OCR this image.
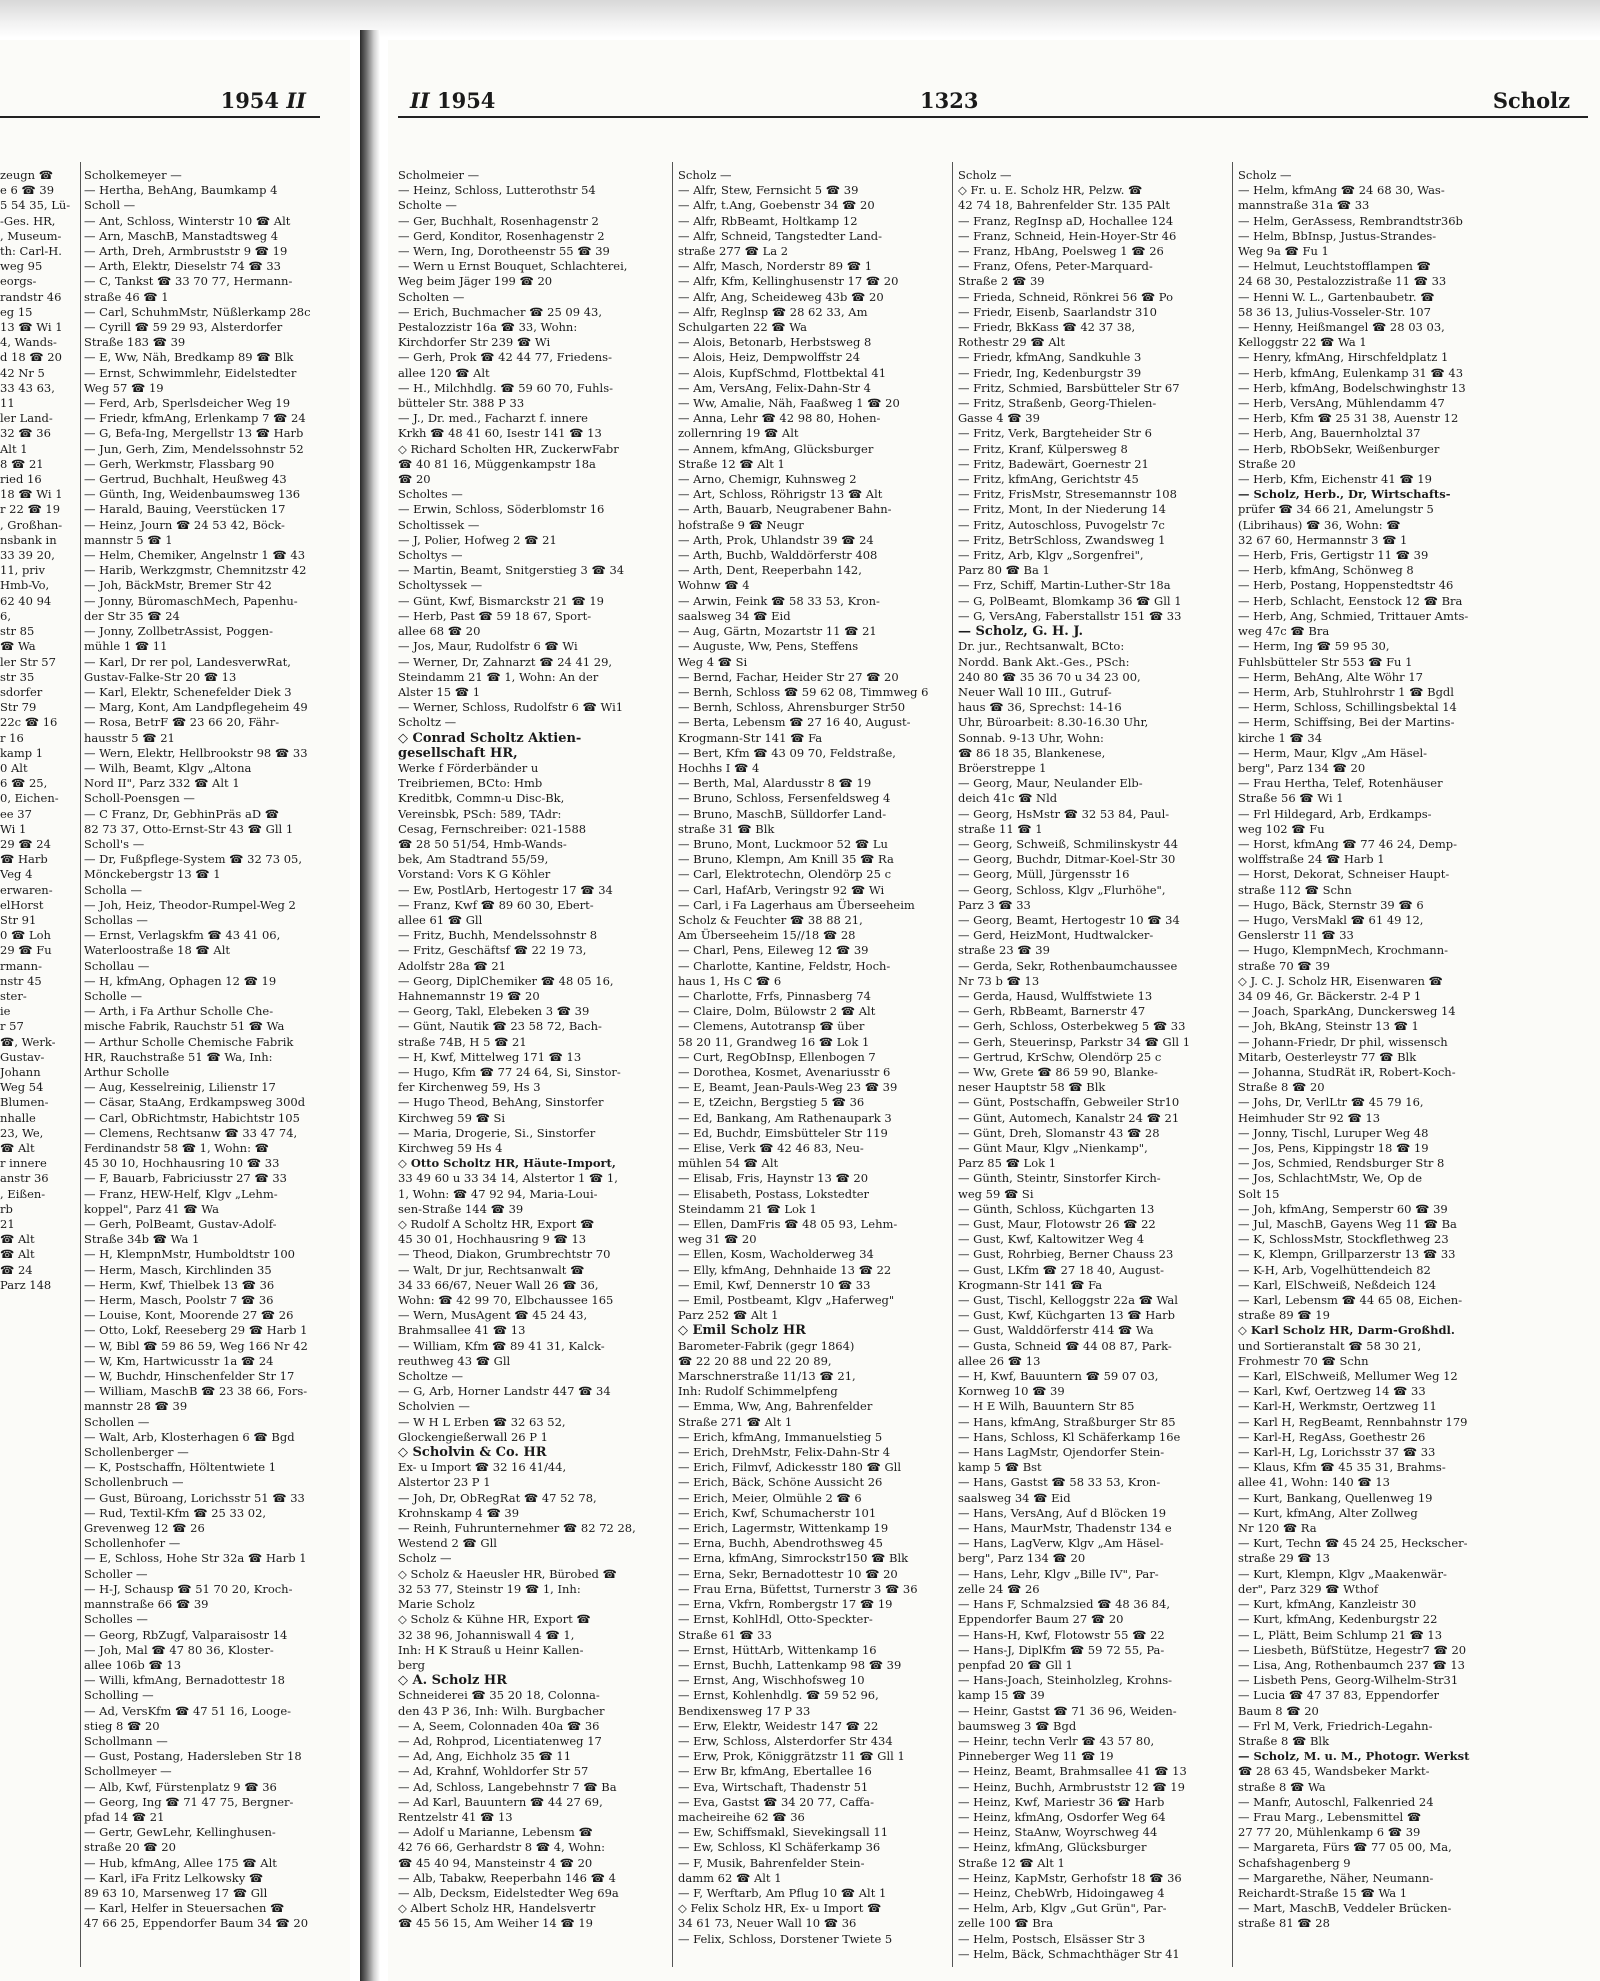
1954 II
zeugn ☎
e 6 ☎ 39
5 54 35, Lü-
-Ges. HR,
, Museum-
th: Carl-H.
weg 95
eorgs-
randstr 46
eg 15
13 ☎ Wi 1
4, Wands-
d 18 ☎ 20
42 Nr 5
33 43 63,
11
ler Land-
32 ☎ 36
Alt 1
8 ☎ 21
ried 16
18 ☎ Wi 1
r 22 ☎ 19
, Großhan-
nsbank in
33 39 20,
11, priv
Hmb-Vo,
62 40 94
6,
str 85
☎ Wa
ler Str 57
str 35
sdorfer
Str 79
22c ☎ 16
r 16
kamp 1
0 Alt
6 ☎ 25,
0, Eichen-
ee 37
Wi 1
29 ☎ 24
☎ Harb
Veg 4
erwaren-
elHorst
Str 91
0 ☎ Loh
29 ☎ Fu
rmann-
nstr 45
ster-
ie
r 57
☎, Werk-
Gustav-
Johann
Weg 54
Blumen-
nhalle
23, We,
☎ Alt
r innere
anstr 36
, Eißen-
rb
21
☎ Alt
☎ Alt
☎ 24
Parz 148
Scholkemeyer —
— Hertha, BehAng, Baumkamp 4
Scholl —
— Ant, Schloss, Winterstr 10 ☎ Alt
— Arn, MaschB, Manstadtsweg 4
— Arth, Dreh, Armbruststr 9 ☎ 19
— Arth, Elektr, Dieselstr 74 ☎ 33
— C, Tankst ☎ 33 70 77, Hermann-
straße 46 ☎ 1
— Carl, SchuhmMstr, Nüßlerkamp 28c
— Cyrill ☎ 59 29 93, Alsterdorfer
Straße 183 ☎ 39
— E, Ww, Näh, Bredkamp 89 ☎ Blk
— Ernst, Schwimmlehr, Eidelstedter
Weg 57 ☎ 19
— Ferd, Arb, Sperlsdeicher Weg 19
— Friedr, kfmAng, Erlenkamp 7 ☎ 24
— G, Befa-Ing, Mergellstr 13 ☎ Harb
— Jun, Gerh, Zim, Mendelssohnstr 52
— Gerh, Werkmstr, Flassbarg 90
— Gertrud, Buchhalt, Heußweg 43
— Günth, Ing, Weidenbaumsweg 136
— Harald, Bauing, Veerstücken 17
— Heinz, Journ ☎ 24 53 42, Böck-
mannstr 5 ☎ 1
— Helm, Chemiker, Angelnstr 1 ☎ 43
— Harib, Werkzgmstr, Chemnitzstr 42
— Joh, BäckMstr, Bremer Str 42
— Jonny, BüromaschMech, Papenhu-
der Str 35 ☎ 24
— Jonny, ZollbetrAssist, Poggen-
mühle 1 ☎ 11
— Karl, Dr rer pol, LandesverwRat,
Gustav-Falke-Str 20 ☎ 13
— Karl, Elektr, Schenefelder Diek 3
— Marg, Kont, Am Landpflegeheim 49
— Rosa, BetrF ☎ 23 66 20, Fähr-
hausstr 5 ☎ 21
— Wern, Elektr, Hellbrookstr 98 ☎ 33
— Wilh, Beamt, Klgv „Altona
Nord II", Parz 332 ☎ Alt 1
Scholl-Poensgen —
— C Franz, Dr, GebhinPräs aD ☎
82 73 37, Otto-Ernst-Str 43 ☎ Gll 1
Scholl's —
— Dr, Fußpflege-System ☎ 32 73 05,
Mönckebergstr 13 ☎ 1
Scholla —
— Joh, Heiz, Theodor-Rumpel-Weg 2
Schollas —
— Ernst, Verlagskfm ☎ 43 41 06,
Waterloostraße 18 ☎ Alt
Schollau —
— H, kfmAng, Ophagen 12 ☎ 19
Scholle —
— Arth, i Fa Arthur Scholle Che-
mische Fabrik, Rauchstr 51 ☎ Wa
— Arthur Scholle Chemische Fabrik
HR, Rauchstraße 51 ☎ Wa, Inh:
Arthur Scholle
— Aug, Kesselreinig, Lilienstr 17
— Cäsar, StaAng, Erdkampsweg 300d
— Carl, ObRichtmstr, Habichtstr 105
— Clemens, Rechtsanw ☎ 33 47 74,
Ferdinandstr 58 ☎ 1, Wohn: ☎
45 30 10, Hochhausring 10 ☎ 33
— F, Bauarb, Fabriciusstr 27 ☎ 33
— Franz, HEW-Helf, Klgv „Lehm-
koppel", Parz 41 ☎ Wa
— Gerh, PolBeamt, Gustav-Adolf-
Straße 34b ☎ Wa 1
— H, KlempnMstr, Humboldtstr 100
— Herm, Masch, Kirchlinden 35
— Herm, Kwf, Thielbek 13 ☎ 36
— Herm, Masch, Poolstr 7 ☎ 36
— Louise, Kont, Moorende 27 ☎ 26
— Otto, Lokf, Reeseberg 29 ☎ Harb 1
— W, Bibl ☎ 59 86 59, Weg 166 Nr 42
— W, Km, Hartwicusstr 1a ☎ 24
— W, Buchdr, Hinschenfelder Str 17
— William, MaschB ☎ 23 38 66, Fors-
mannstr 28 ☎ 39
Schollen —
— Walt, Arb, Klosterhagen 6 ☎ Bgd
Schollenberger —
— K, Postschaffn, Höltentwiete 1
Schollenbruch —
— Gust, Büroang, Lorichsstr 51 ☎ 33
— Rud, Textil-Kfm ☎ 25 33 02,
Grevenweg 12 ☎ 26
Schollenhofer —
— E, Schloss, Hohe Str 32a ☎ Harb 1
Scholler —
— H-J, Schausp ☎ 51 70 20, Kroch-
mannstraße 66 ☎ 39
Scholles —
— Georg, RbZugf, Valparaisostr 14
— Joh, Mal ☎ 47 80 36, Kloster-
allee 106b ☎ 13
— Willi, kfmAng, Bernadottestr 18
Scholling —
— Ad, VersKfm ☎ 47 51 16, Looge-
stieg 8 ☎ 20
Schollmann —
— Gust, Postang, Hadersleben Str 18
Schollmeyer —
— Alb, Kwf, Fürstenplatz 9 ☎ 36
— Georg, Ing ☎ 71 47 75, Bergner-
pfad 14 ☎ 21
— Gertr, GewLehr, Kellinghusen-
straße 20 ☎ 20
— Hub, kfmAng, Allee 175 ☎ Alt
— Karl, iFa Fritz Lelkowsky ☎
89 63 10, Marsenweg 17 ☎ Gll
— Karl, Helfer in Steuersachen ☎
47 66 25, Eppendorfer Baum 34 ☎ 20
II 1954	1323	Scholz
Scholmeier —
— Heinz, Schloss, Lutterothstr 54
Scholte —
— Ger, Buchhalt, Rosenhagenstr 2
— Gerd, Konditor, Rosenhagenstr 2
— Wern, Ing, Dorotheenstr 55 ☎ 39
— Wern u Ernst Bouquet, Schlachterei,
Weg beim Jäger 199 ☎ 20
Scholten —
— Erich, Buchmacher ☎ 25 09 43,
Pestalozzistr 16a ☎ 33, Wohn:
Kirchdorfer Str 239 ☎ Wi
— Gerh, Prok ☎ 42 44 77, Friedens-
allee 120 ☎ Alt
— H., Milchhdlg. ☎ 59 60 70, Fuhls-
bütteler Str. 388 P 33
— J., Dr. med., Facharzt f. innere
Krkh ☎ 48 41 60, Isestr 141 ☎ 13
◇ Richard Scholten HR, ZuckerwFabr
☎ 40 81 16, Müggenkampstr 18a
☎ 20
Scholtes —
— Erwin, Schloss, Söderblomstr 16
Scholtissek —
— J, Polier, Hofweg 2 ☎ 21
Scholtys —
— Martin, Beamt, Snitgerstieg 3 ☎ 34
Scholtyssek —
— Günt, Kwf, Bismarckstr 21 ☎ 19
— Herb, Past ☎ 59 18 67, Sport-
allee 68 ☎ 20
— Jos, Maur, Rudolfstr 6 ☎ Wi
— Werner, Dr, Zahnarzt ☎ 24 41 29,
Steindamm 21 ☎ 1, Wohn: An der
Alster 15 ☎ 1
— Werner, Schloss, Rudolfstr 6 ☎ Wi1
Scholtz —
◇ Conrad Scholtz Aktien-
gesellschaft HR,
Werke f Förderbänder u
Treibriemen, BCto: Hmb
Kreditbk, Commn-u Disc-Bk,
Vereinsbk, PSch: 589, TAdr:
Cesag, Fernschreiber: 021-1588
☎ 28 50 51/54, Hmb-Wands-
bek, Am Stadtrand 55/59,
Vorstand: Vors K G Köhler
— Ew, PostlArb, Hertogestr 17 ☎ 34
— Franz, Kwf ☎ 89 60 30, Ebert-
allee 61 ☎ Gll
— Fritz, Buchh, Mendelssohnstr 8
— Fritz, Geschäftsf ☎ 22 19 73,
Adolfstr 28a ☎ 21
— Georg, DiplChemiker ☎ 48 05 16,
Hahnemannstr 19 ☎ 20
— Georg, Takl, Elebeken 3 ☎ 39
— Günt, Nautik ☎ 23 58 72, Bach-
straße 74B, H 5 ☎ 21
— H, Kwf, Mittelweg 171 ☎ 13
— Hugo, Kfm ☎ 77 24 64, Si, Sinstor-
fer Kirchenweg 59, Hs 3
— Hugo Theod, BehAng, Sinstorfer
Kirchweg 59 ☎ Si
— Maria, Drogerie, Si., Sinstorfer
Kirchweg 59 Hs 4
◇ Otto Scholtz HR, Häute-Import,
33 49 60 u 33 34 14, Alstertor 1 ☎ 1,
1, Wohn: ☎ 47 92 94, Maria-Loui-
sen-Straße 144 ☎ 39
◇ Rudolf A Scholtz HR, Export ☎
45 30 01, Hochhausring 9 ☎ 13
— Theod, Diakon, Grumbrechtstr 70
— Walt, Dr jur, Rechtsanwalt ☎
34 33 66/67, Neuer Wall 26 ☎ 36,
Wohn: ☎ 42 99 70, Elbchaussee 165
— Wern, MusAgent ☎ 45 24 43,
Brahmsallee 41 ☎ 13
— William, Kfm ☎ 89 41 31, Kalck-
reuthweg 43 ☎ Gll
Scholtze —
— G, Arb, Horner Landstr 447 ☎ 34
Scholvien —
— W H L Erben ☎ 32 63 52,
Glockengießerwall 26 P 1
◇ Scholvin & Co. HR
Ex- u Import ☎ 32 16 41/44,
Alstertor 23 P 1
— Joh, Dr, ObRegRat ☎ 47 52 78,
Krohnskamp 4 ☎ 39
— Reinh, Fuhrunternehmer ☎ 82 72 28,
Westend 2 ☎ Gll
Scholz —
◇ Scholz & Haeusler HR, Bürobed ☎
32 53 77, Steinstr 19 ☎ 1, Inh:
Marie Scholz
◇ Scholz & Kühne HR, Export ☎
32 38 96, Johanniswall 4 ☎ 1,
Inh: H K Strauß u Heinr Kallen-
berg
◇ A. Scholz HR
Schneiderei ☎ 35 20 18, Colonna-
den 43 P 36, Inh: Wilh. Burgbacher
— A, Seem, Colonnaden 40a ☎ 36
— Ad, Rohprod, Licentiatenweg 17
— Ad, Ang, Eichholz 35 ☎ 11
— Ad, Krahnf, Wohldorfer Str 57
— Ad, Schloss, Langebehnstr 7 ☎ Ba
— Ad Karl, Bauuntern ☎ 44 27 69,
Rentzelstr 41 ☎ 13
— Adolf u Marianne, Lebensm ☎
42 76 66, Gerhardstr 8 ☎ 4, Wohn:
☎ 45 40 94, Mansteinstr 4 ☎ 20
— Alb, Tabakw, Reeperbahn 146 ☎ 4
— Alb, Decksm, Eidelstedter Weg 69a
◇ Albert Scholz HR, Handelsvertr
☎ 45 56 15, Am Weiher 14 ☎ 19
Scholz —
— Alfr, Stew, Fernsicht 5 ☎ 39
— Alfr, t.Ang, Goebenstr 34 ☎ 20
— Alfr, RbBeamt, Holtkamp 12
— Alfr, Schneid, Tangstedter Land-
straße 277 ☎ La 2
— Alfr, Masch, Norderstr 89 ☎ 1
— Alfr, Kfm, Kellinghusenstr 17 ☎ 20
— Alfr, Ang, Scheideweg 43b ☎ 20
— Alfr, Reglnsp ☎ 28 62 33, Am
Schulgarten 22 ☎ Wa
— Alois, Betonarb, Herbstsweg 8
— Alois, Heiz, Dempwolffstr 24
— Alois, KupfSchmd, Flottbektal 41
— Am, VersAng, Felix-Dahn-Str 4
— Ww, Amalie, Näh, Faaßweg 1 ☎ 20
— Anna, Lehr ☎ 42 98 80, Hohen-
zollernring 19 ☎ Alt
— Annem, kfmAng, Glücksburger
Straße 12 ☎ Alt 1
— Arno, Chemigr, Kuhnsweg 2
— Art, Schloss, Röhrigstr 13 ☎ Alt
— Arth, Bauarb, Neugrabener Bahn-
hofstraße 9 ☎ Neugr
— Arth, Prok, Uhlandstr 39 ☎ 24
— Arth, Buchb, Walddörferstr 408
— Arth, Dent, Reeperbahn 142,
Wohnw ☎ 4
— Arwin, Feink ☎ 58 33 53, Kron-
saalsweg 34 ☎ Eid
— Aug, Gärtn, Mozartstr 11 ☎ 21
— Auguste, Ww, Pens, Steffens
Weg 4 ☎ Si
— Bernd, Fachar, Heider Str 27 ☎ 20
— Bernh, Schloss ☎ 59 62 08, Timmweg 6
— Bernh, Schloss, Ahrensburger Str50
— Berta, Lebensm ☎ 27 16 40, August-
Krogmann-Str 141 ☎ Fa
— Bert, Kfm ☎ 43 09 70, Feldstraße,
Hochhs I ☎ 4
— Berth, Mal, Alardusstr 8 ☎ 19
— Bruno, Schloss, Fersenfeldsweg 4
— Bruno, MaschB, Sülldorfer Land-
straße 31 ☎ Blk
— Bruno, Mont, Luckmoor 52 ☎ Lu
— Bruno, Klempn, Am Knill 35 ☎ Ra
— Carl, Elektrotechn, Olendörp 25 c
— Carl, HafArb, Veringstr 92 ☎ Wi
— Carl, i Fa Lagerhaus am Überseeheim
Scholz & Feuchter ☎ 38 88 21,
Am Überseeheim 15//18 ☎ 28
— Charl, Pens, Eileweg 12 ☎ 39
— Charlotte, Kantine, Feldstr, Hoch-
haus 1, Hs C ☎ 6
— Charlotte, Frfs, Pinnasberg 74
— Claire, Dolm, Bülowstr 2 ☎ Alt
— Clemens, Autotransp ☎ über
58 20 11, Grandweg 16 ☎ Lok 1
— Curt, RegObInsp, Ellenbogen 7
— Dorothea, Kosmet, Avenariusstr 6
— E, Beamt, Jean-Pauls-Weg 23 ☎ 39
— E, tZeichn, Bergstieg 5 ☎ 36
— Ed, Bankang, Am Rathenaupark 3
— Ed, Buchdr, Eimsbütteler Str 119
— Elise, Verk ☎ 42 46 83, Neu-
mühlen 54 ☎ Alt
— Elisab, Fris, Haynstr 13 ☎ 20
— Elisabeth, Postass, Lokstedter
Steindamm 21 ☎ Lok 1
— Ellen, DamFris ☎ 48 05 93, Lehm-
weg 31 ☎ 20
— Ellen, Kosm, Wacholderweg 34
— Elly, kfmAng, Dehnhaide 13 ☎ 22
— Emil, Kwf, Dennerstr 10 ☎ 33
— Emil, Postbeamt, Klgv „Haferweg"
Parz 252 ☎ Alt 1
◇ Emil Scholz HR
Barometer-Fabrik (gegr 1864)
☎ 22 20 88 und 22 20 89,
Marschnerstraße 11/13 ☎ 21,
Inh: Rudolf Schimmelpfeng
— Emma, Ww, Ang, Bahrenfelder
Straße 271 ☎ Alt 1
— Erich, kfmAng, Immanuelstieg 5
— Erich, DrehMstr, Felix-Dahn-Str 4
— Erich, Filmvf, Adickesstr 180 ☎ Gll
— Erich, Bäck, Schöne Aussicht 26
— Erich, Meier, Olmühle 2 ☎ 6
— Erich, Kwf, Schumacherstr 101
— Erich, Lagermstr, Wittenkamp 19
— Erna, Buchh, Abendrothsweg 45
— Erna, kfmAng, Simrockstr150 ☎ Blk
— Erna, Sekr, Bernadottestr 10 ☎ 20
— Frau Erna, Büfettst, Turnerstr 3 ☎ 36
— Erna, Vkfrn, Rombergstr 17 ☎ 19
— Ernst, KohlHdl, Otto-Speckter-
Straße 61 ☎ 33
— Ernst, HüttArb, Wittenkamp 16
— Ernst, Buchh, Lattenkamp 98 ☎ 39
— Ernst, Ang, Wischhofsweg 10
— Ernst, Kohlenhdlg. ☎ 59 52 96,
Bendixensweg 17 P 33
— Erw, Elektr, Weidestr 147 ☎ 22
— Erw, Schloss, Alsterdorfer Str 434
— Erw, Prok, Königgrätzstr 11 ☎ Gll 1
— Erw Br, kfmAng, Ebertallee 16
— Eva, Wirtschaft, Thadenstr 51
— Eva, Gastst ☎ 34 20 77, Caffa-
macheireihe 62 ☎ 36
— Ew, Schiffsmakl, Sievekingsall 11
— Ew, Schloss, Kl Schäferkamp 36
— F, Musik, Bahrenfelder Stein-
damm 62 ☎ Alt 1
— F, Werftarb, Am Pflug 10 ☎ Alt 1
◇ Felix Scholz HR, Ex- u Import ☎
34 61 73, Neuer Wall 10 ☎ 36
— Felix, Schloss, Dorstener Twiete 5
Scholz —
◇ Fr. u. E. Scholz HR, Pelzw. ☎
42 74 18, Bahrenfelder Str. 135 PAlt
— Franz, RegInsp aD, Hochallee 124
— Franz, Schneid, Hein-Hoyer-Str 46
— Franz, HbAng, Poelsweg 1 ☎ 26
— Franz, Ofens, Peter-Marquard-
Straße 2 ☎ 39
— Frieda, Schneid, Rönkrei 56 ☎ Po
— Friedr, Eisenb, Saarlandstr 310
— Friedr, BkKass ☎ 42 37 38,
Rothestr 29 ☎ Alt
— Friedr, kfmAng, Sandkuhle 3
— Friedr, Ing, Kedenburgstr 39
— Fritz, Schmied, Barsbütteler Str 67
— Fritz, Straßenb, Georg-Thielen-
Gasse 4 ☎ 39
— Fritz, Verk, Bargteheider Str 6
— Fritz, Kranf, Külpersweg 8
— Fritz, Badewärt, Goernestr 21
— Fritz, kfmAng, Gerichtstr 45
— Fritz, FrisMstr, Stresemannstr 108
— Fritz, Mont, In der Niederung 14
— Fritz, Autoschloss, Puvogelstr 7c
— Fritz, BetrSchloss, Zwandsweg 1
— Fritz, Arb, Klgv „Sorgenfrei",
Parz 80 ☎ Ba 1
— Frz, Schiff, Martin-Luther-Str 18a
— G, PolBeamt, Blomkamp 36 ☎ Gll 1
— G, VersAng, Faberstallstr 151 ☎ 33
— Scholz, G. H. J.
Dr. jur., Rechtsanwalt, BCto:
Nordd. Bank Akt.-Ges., PSch:
240 80 ☎ 35 36 70 u 34 23 00,
Neuer Wall 10 III., Gutruf-
haus ☎ 36, Sprechst: 14-16
Uhr, Büroarbeit: 8.30-16.30 Uhr,
Sonnab. 9-13 Uhr, Wohn:
☎ 86 18 35, Blankenese,
Bröerstreppe 1
— Georg, Maur, Neulander Elb-
deich 41c ☎ Nld
— Georg, HsMstr ☎ 32 53 84, Paul-
straße 11 ☎ 1
— Georg, Schweiß, Schmilinskystr 44
— Georg, Buchdr, Ditmar-Koel-Str 30
— Georg, Müll, Jürgensstr 16
— Georg, Schloss, Klgv „Flurhöhe",
Parz 3 ☎ 33
— Georg, Beamt, Hertogestr 10 ☎ 34
— Gerd, HeizMont, Hudtwalcker-
straße 23 ☎ 39
— Gerda, Sekr, Rothenbaumchaussee
Nr 73 b ☎ 13
— Gerda, Hausd, Wulffstwiete 13
— Gerh, RbBeamt, Barnerstr 47
— Gerh, Schloss, Osterbekweg 5 ☎ 33
— Gerh, Steuerinsp, Parkstr 34 ☎ Gll 1
— Gertrud, KrSchw, Olendörp 25 c
— Ww, Grete ☎ 86 59 90, Blanke-
neser Hauptstr 58 ☎ Blk
— Günt, Postschaffn, Gebweiler Str10
— Günt, Automech, Kanalstr 24 ☎ 21
— Günt, Dreh, Slomanstr 43 ☎ 28
— Günt Maur, Klgv „Nienkamp",
Parz 85 ☎ Lok 1
— Günth, Steintr, Sinstorfer Kirch-
weg 59 ☎ Si
— Günth, Schloss, Küchgarten 13
— Gust, Maur, Flotowstr 26 ☎ 22
— Gust, Kwf, Kaltowitzer Weg 4
— Gust, Rohrbieg, Berner Chauss 23
— Gust, LKfm ☎ 27 18 40, August-
Krogmann-Str 141 ☎ Fa
— Gust, Tischl, Kelloggstr 22a ☎ Wal
— Gust, Kwf, Küchgarten 13 ☎ Harb
— Gust, Walddörferstr 414 ☎ Wa
— Gusta, Schneid ☎ 44 08 87, Park-
allee 26 ☎ 13
— H, Kwf, Bauuntern ☎ 59 07 03,
Kornweg 10 ☎ 39
— H E Wilh, Bauuntern Str 85
— Hans, kfmAng, Straßburger Str 85
— Hans, Schloss, Kl Schäferkamp 16e
— Hans LagMstr, Ojendorfer Stein-
kamp 5 ☎ Bst
— Hans, Gastst ☎ 58 33 53, Kron-
saalsweg 34 ☎ Eid
— Hans, VersAng, Auf d Blöcken 19
— Hans, MaurMstr, Thadenstr 134 e
— Hans, LagVerw, Klgv „Am Häsel-
berg", Parz 134 ☎ 20
— Hans, Lehr, Klgv „Bille IV", Par-
zelle 24 ☎ 26
— Hans F, Schmalzsied ☎ 48 36 84,
Eppendorfer Baum 27 ☎ 20
— Hans-H, Kwf, Flotowstr 55 ☎ 22
— Hans-J, DiplKfm ☎ 59 72 55, Pa-
penpfad 20 ☎ Gll 1
— Hans-Joach, Steinholzleg, Krohns-
kamp 15 ☎ 39
— Heinr, Gastst ☎ 71 36 96, Weiden-
baumsweg 3 ☎ Bgd
— Heinr, techn Verlr ☎ 43 57 80,
Pinneberger Weg 11 ☎ 19
— Heinz, Beamt, Brahmsallee 41 ☎ 13
— Heinz, Buchh, Armbruststr 12 ☎ 19
— Heinz, Kwf, Mariestr 36 ☎ Harb
— Heinz, kfmAng, Osdorfer Weg 64
— Heinz, StaAnw, Woyrschweg 44
— Heinz, kfmAng, Glücksburger
Straße 12 ☎ Alt 1
— Heinz, KapMstr, Gerhofstr 18 ☎ 36
— Heinz, ChebWrb, Hidoingaweg 4
— Helm, Arb, Klgv „Gut Grün", Par-
zelle 100 ☎ Bra
— Helm, Postsch, Elsässer Str 3
— Helm, Bäck, Schmachthäger Str 41
Scholz —
— Helm, kfmAng ☎ 24 68 30, Was-
mannstraße 31a ☎ 33
— Helm, GerAssess, Rembrandtstr36b
— Helm, BbInsp, Justus-Strandes-
Weg 9a ☎ Fu 1
— Helmut, Leuchtstofflampen ☎
24 68 30, Pestalozzistraße 11 ☎ 33
— Henni W. L., Gartenbaubetr. ☎
58 36 13, Julius-Vosseler-Str. 107
— Henny, Heißmangel ☎ 28 03 03,
Kelloggstr 22 ☎ Wa 1
— Henry, kfmAng, Hirschfeldplatz 1
— Herb, kfmAng, Eulenkamp 31 ☎ 43
— Herb, kfmAng, Bodelschwinghstr 13
— Herb, VersAng, Mühlendamm 47
— Herb, Kfm ☎ 25 31 38, Auenstr 12
— Herb, Ang, Bauernholztal 37
— Herb, RbObSekr, Weißenburger
Straße 20
— Herb, Kfm, Eichenstr 41 ☎ 19
— Scholz, Herb., Dr, Wirtschafts-
prüfer ☎ 34 66 21, Amelungstr 5
(Librihaus) ☎ 36, Wohn: ☎
32 67 60, Hermannstr 3 ☎ 1
— Herb, Fris, Gertigstr 11 ☎ 39
— Herb, kfmAng, Schönweg 8
— Herb, Postang, Hoppenstedtstr 46
— Herb, Schlacht, Eenstock 12 ☎ Bra
— Herb, Ang, Schmied, Trittauer Amts-
weg 47c ☎ Bra
— Herm, Ing ☎ 59 95 30,
Fuhlsbütteler Str 553 ☎ Fu 1
— Herm, BehAng, Alte Wöhr 17
— Herm, Arb, Stuhlrohrstr 1 ☎ Bgdl
— Herm, Schloss, Schillingsbektal 14
— Herm, Schiffsing, Bei der Martins-
kirche 1 ☎ 34
— Herm, Maur, Klgv „Am Häsel-
berg", Parz 134 ☎ 20
— Frau Hertha, Telef, Rotenhäuser
Straße 56 ☎ Wi 1
— Frl Hildegard, Arb, Erdkamps-
weg 102 ☎ Fu
— Horst, kfmAng ☎ 77 46 24, Demp-
wolffstraße 24 ☎ Harb 1
— Horst, Dekorat, Schneiser Haupt-
straße 112 ☎ Schn
— Hugo, Bäck, Sternstr 39 ☎ 6
— Hugo, VersMakl ☎ 61 49 12,
Genslerstr 11 ☎ 33
— Hugo, KlempnMech, Krochmann-
straße 70 ☎ 39
◇ J. C. J. Scholz HR, Eisenwaren ☎
34 09 46, Gr. Bäckerstr. 2-4 P 1
— Joach, SparkAng, Dunckersweg 14
— Joh, BkAng, Steinstr 13 ☎ 1
— Johann-Friedr, Dr phil, wissensch
Mitarb, Oesterleystr 77 ☎ Blk
— Johanna, StudRät iR, Robert-Koch-
Straße 8 ☎ 20
— Johs, Dr, VerlLtr ☎ 45 79 16,
Heimhuder Str 92 ☎ 13
— Jonny, Tischl, Luruper Weg 48
— Jos, Pens, Kippingstr 18 ☎ 19
— Jos, Schmied, Rendsburger Str 8
— Jos, SchlachtMstr, We, Op de
Solt 15
— Joh, kfmAng, Semperstr 60 ☎ 39
— Jul, MaschB, Gayens Weg 11 ☎ Ba
— K, SchlossMstr, Stockflethweg 23
— K, Klempn, Grillparzerstr 13 ☎ 33
— K-H, Arb, Vogelhüttendeich 82
— Karl, ElSchweiß, Neßdeich 124
— Karl, Lebensm ☎ 44 65 08, Eichen-
straße 89 ☎ 19
◇ Karl Scholz HR, Darm-Großhdl.
und Sortieranstalt ☎ 58 30 21,
Frohmestr 70 ☎ Schn
— Karl, ElSchweiß, Mellumer Weg 12
— Karl, Kwf, Oertzweg 14 ☎ 33
— Karl-H, Werkmstr, Oertzweg 11
— Karl H, RegBeamt, Rennbahnstr 179
— Karl-H, RegAss, Goethestr 26
— Karl-H, Lg, Lorichsstr 37 ☎ 33
— Klaus, Kfm ☎ 45 35 31, Brahms-
allee 41, Wohn: 140 ☎ 13
— Kurt, Bankang, Quellenweg 19
— Kurt, kfmAng, Alter Zollweg
Nr 120 ☎ Ra
— Kurt, Techn ☎ 45 24 25, Heckscher-
straße 29 ☎ 13
— Kurt, Klempn, Klgv „Maakenwär-
der", Parz 329 ☎ Wthof
— Kurt, kfmAng, Kanzleistr 30
— Kurt, kfmAng, Kedenburgstr 22
— L, Plätt, Beim Schlump 21 ☎ 13
— Liesbeth, BüfStütze, Hegestr7 ☎ 20
— Lisa, Ang, Rothenbaumch 237 ☎ 13
— Lisbeth Pens, Georg-Wilhelm-Str31
— Lucia ☎ 47 37 83, Eppendorfer
Baum 8 ☎ 20
— Frl M, Verk, Friedrich-Legahn-
Straße 8 ☎ Blk
— Scholz, M. u. M., Photogr. Werkst
☎ 28 63 45, Wandsbeker Markt-
straße 8 ☎ Wa
— Manfr, Autoschl, Falkenried 24
— Frau Marg., Lebensmittel ☎
27 77 20, Mühlenkamp 6 ☎ 39
— Margareta, Fürs ☎ 77 05 00, Ma,
Schafshagenberg 9
— Margarethe, Näher, Neumann-
Reichardt-Straße 15 ☎ Wa 1
— Mart, MaschB, Veddeler Brücken-
straße 81 ☎ 28
